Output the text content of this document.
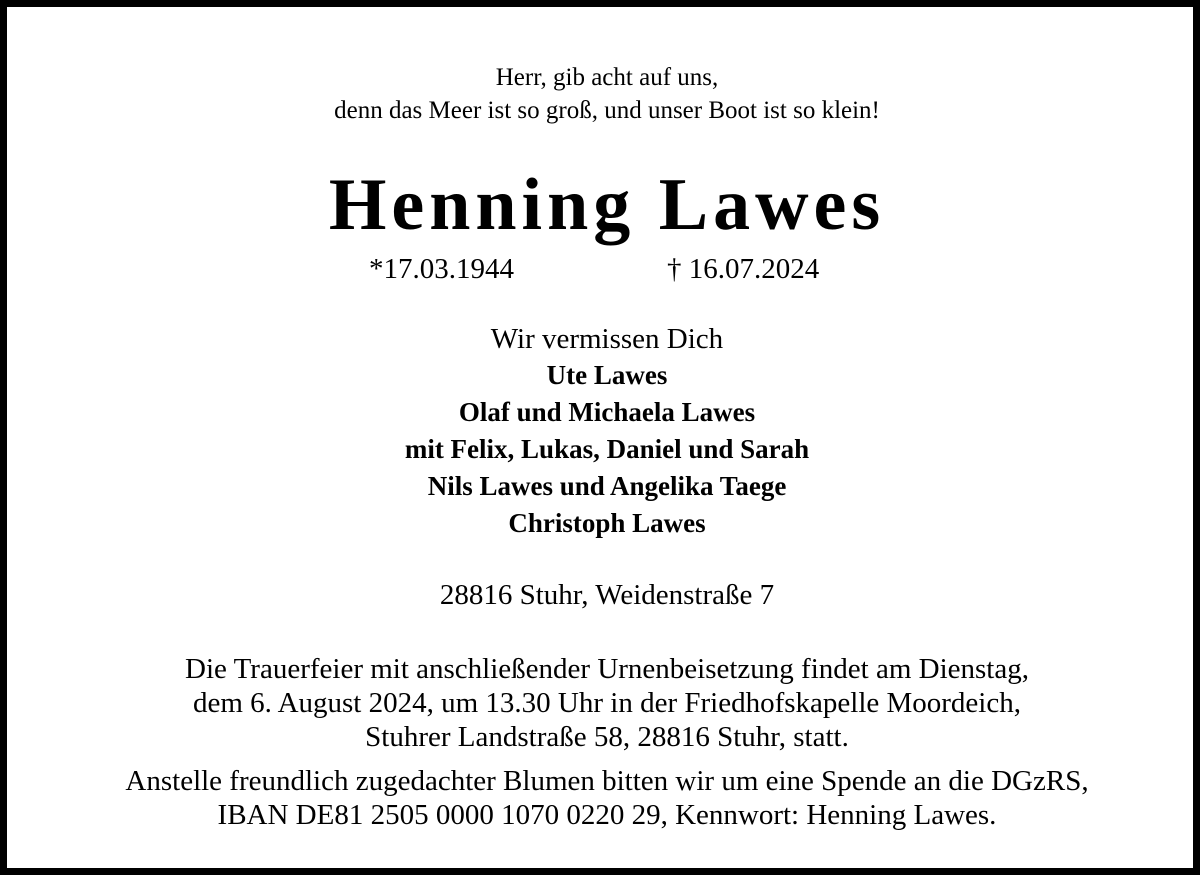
Herr, gib acht auf uns,
denn das Meer ist so groß, und unser Boot ist so klein!
Henning Lawes
*17.03.1944	† 16.07.2024
Wir vermissen Dich
Ute Lawes
Olaf und Michaela Lawes
mit Felix, Lukas, Daniel und Sarah
Nils Lawes und Angelika Taege
Christoph Lawes
28816 Stuhr, Weidenstraße 7
Die Trauerfeier mit anschließender Urnenbeisetzung findet am Dienstag,
dem 6. August 2024, um 13.30 Uhr in der Friedhofskapelle Moordeich,
Stuhrer Landstraße 58, 28816 Stuhr, statt.
Anstelle freundlich zugedachter Blumen bitten wir um eine Spende an die DGzRS,
IBAN DE81 2505 0000 1070 0220 29, Kennwort: Henning Lawes.
